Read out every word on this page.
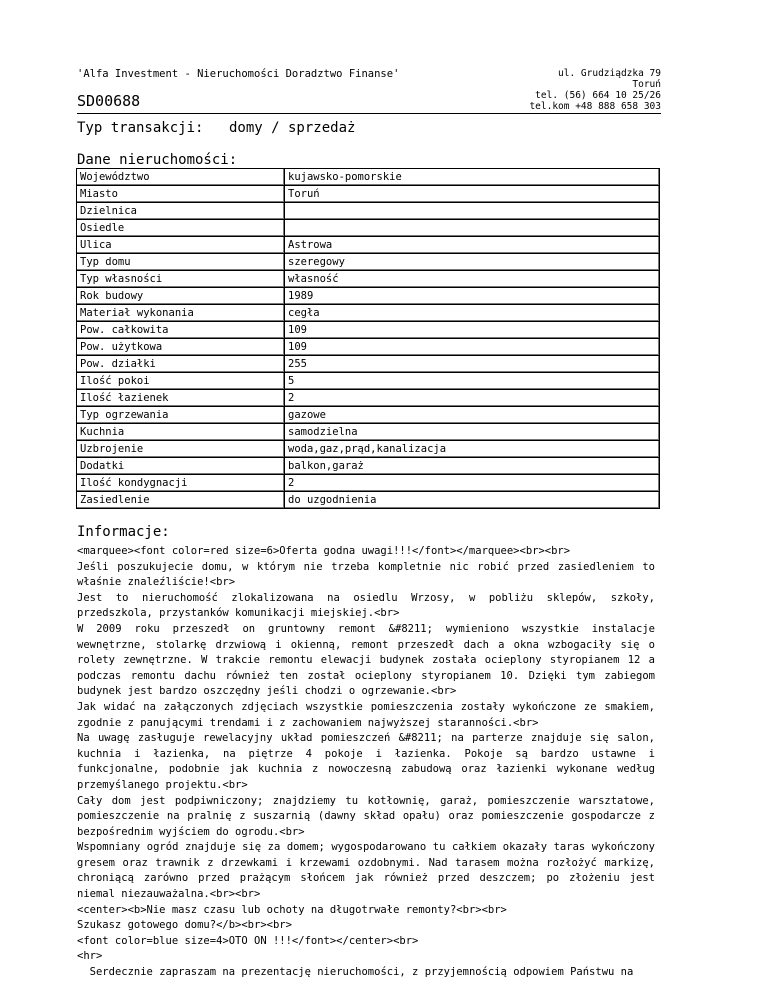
'Alfa Investment - Nieruchomości Doradztwo Finanse'
SD00688
ul. Grudziądzka 79
Toruń
tel. (56) 664 10 25/26
tel.kom +48 888 658 303
Typ transakcji: domy / sprzedaż
Dane nieruchomości:
Województwo	kujawsko-pomorskie
Miasto	Toruń
Dzielnica	
Osiedle	
Ulica	Astrowa
Typ domu	szeregowy
Typ własności	własność
Rok budowy	1989
Materiał wykonania	cegła
Pow. całkowita	109
Pow. użytkowa	109
Pow. działki	255
Ilość pokoi	5
Ilość łazienek	2
Typ ogrzewania	gazowe
Kuchnia	samodzielna
Uzbrojenie	woda,gaz,prąd,kanalizacja
Dodatki	balkon,garaż
Ilość kondygnacji	2
Zasiedlenie	do uzgodnienia
Informacje:

<marquee><font color=red size=6>Oferta godna uwagi!!!</font></marquee><br><br>

Jeśli poszukujecie domu, w którym nie trzeba kompletnie nic robić przed zasiedleniem to właśnie znaleźliście!<br>

Jest to nieruchomość zlokalizowana na osiedlu Wrzosy, w pobliżu sklepów, szkoły, przedszkola, przystanków komunikacji miejskiej.<br>

W 2009 roku przeszedł on gruntowny remont &#8211; wymieniono wszystkie instalacje wewnętrzne, stolarkę drzwiową i okienną, remont przeszedł dach a okna wzbogaciły się o rolety zewnętrzne. W trakcie remontu elewacji budynek została ocieplony styropianem 12 a podczas remontu dachu również ten został ocieplony styropianem 10. Dzięki tym zabiegom budynek jest bardzo oszczędny jeśli chodzi o ogrzewanie.<br>

Jak widać na załączonych zdjęciach wszystkie pomieszczenia zostały wykończone ze smakiem, zgodnie z panującymi trendami i z zachowaniem najwyższej staranności.<br>

Na uwagę zasługuje rewelacyjny układ pomieszczeń &#8211; na parterze znajduje się salon, kuchnia i łazienka, na piętrze 4 pokoje i łazienka. Pokoje są bardzo ustawne i funkcjonalne, podobnie jak kuchnia z nowoczesną zabudową oraz łazienki wykonane według przemyślanego projektu.<br>

Cały dom jest podpiwniczony; znajdziemy tu kotłownię, garaż, pomieszczenie warsztatowe, pomieszczenie na pralnię z suszarnią (dawny skład opału) oraz pomieszczenie gospodarcze z bezpośrednim wyjściem do ogrodu.<br>

Wspomniany ogród znajduje się za domem; wygospodarowano tu całkiem okazały taras wykończony gresem oraz trawnik z drzewkami i krzewami ozdobnymi. Nad tarasem można rozłożyć markizę, chroniącą zarówno przed prażącym słońcem jak również przed deszczem; po złożeniu jest niemal niezauważalna.<br><br>

<center><b>Nie masz czasu lub ochoty na długotrwałe remonty?<br><br>

Szukasz gotowego domu?</b><br><br>

<font color=blue size=4>OTO ON !!!</font></center><br>

<hr>

Serdecznie zapraszam na prezentację nieruchomości, z przyjemnością odpowiem Państwu na
